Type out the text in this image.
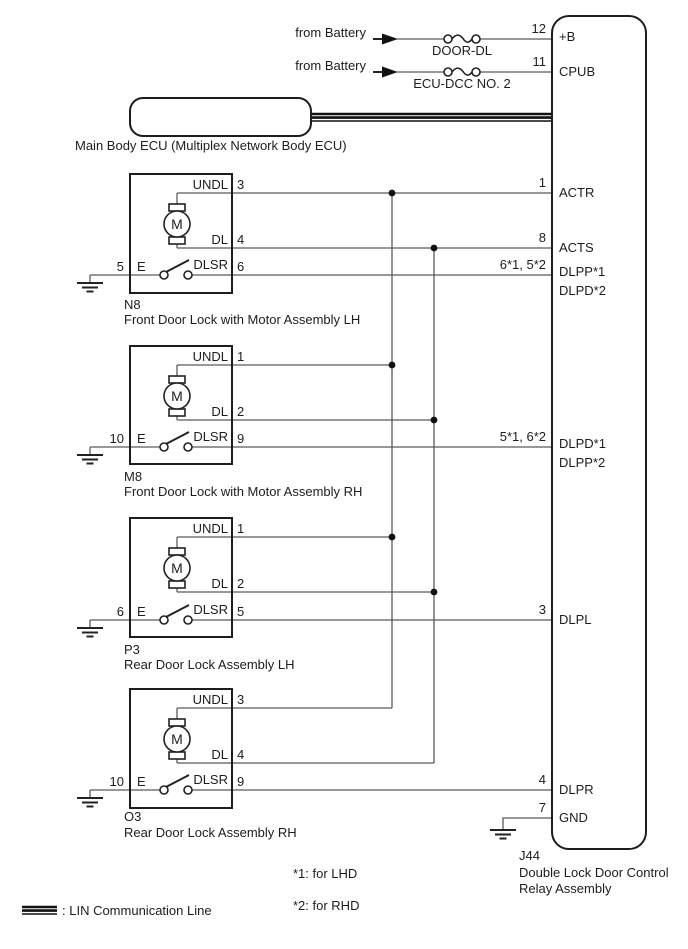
M
M
M
M
from Battery
from Battery
DOOR-DL
ECU-DCC NO. 2
Main Body ECU (Multiplex Network Body ECU)
12
11
1
8
6*1, 5*2
5*1, 6*2
3
4
7
+B
CPUB
ACTR
ACTS
DLPP*1
DLPD*2
DLPD*1
DLPP*2
DLPL
DLPR
GND
J44
Double Lock Door Control
Relay Assembly
UNDL 3
DL 4
5 E	DLSR 6
N8
Front Door Lock with Motor Assembly LH
UNDL 1
DL 2
10 E	DLSR 9
M8
Front Door Lock with Motor Assembly RH
UNDL 1
DL 2
6 E	DLSR 5
P3
Rear Door Lock Assembly LH
UNDL 3
DL 4
10 E	DLSR 9
O3
Rear Door Lock Assembly RH
*1: for LHD
*2: for RHD
: LIN Communication Line
